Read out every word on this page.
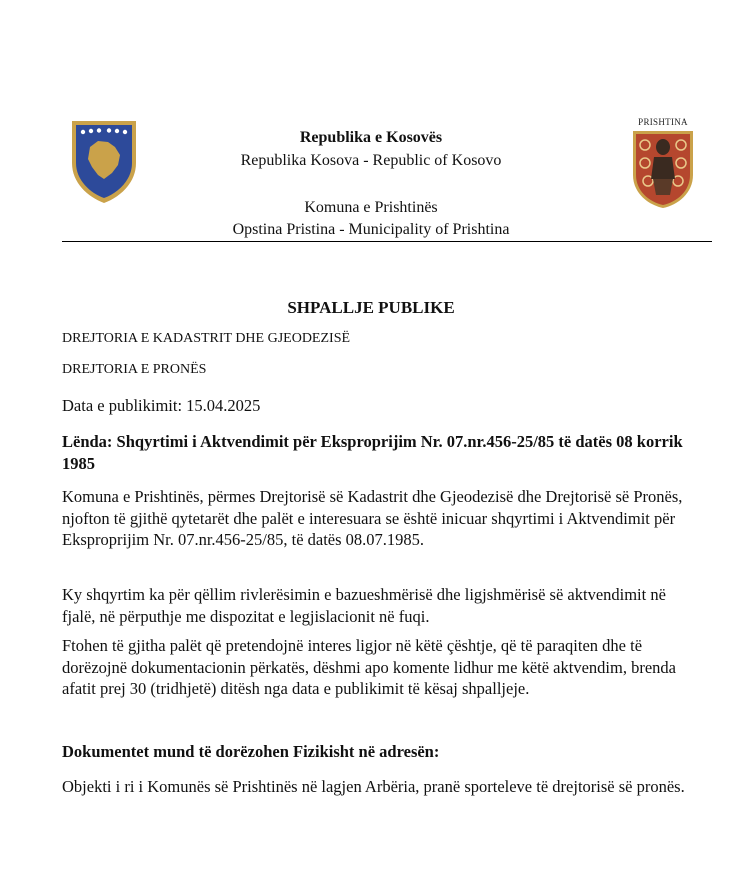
PRISHTINA
Republika e Kosovës
Republika Kosova - Republic of Kosovo
Komuna e Prishtinës
Opstina Pristina - Municipality of Prishtina
SHPALLJE PUBLIKE
DREJTORIA E KADASTRIT DHE GJEODEZISË
DREJTORIA E PRONËS
Data e publikimit: 15.04.2025
Lënda: Shqyrtimi i Aktvendimit për Eksproprijim Nr. 07.nr.456-25/85 të datës 08 korrik 1985
Komuna e Prishtinës, përmes Drejtorisë së Kadastrit dhe Gjeodezisë dhe Drejtorisë së Pronës, njofton të gjithë qytetarët dhe palët e interesuara se është inicuar shqyrtimi i Aktvendimit për Eksproprijim Nr. 07.nr.456-25/85, të datës 08.07.1985.
Ky shqyrtim ka për qëllim rivlerësimin e bazueshmërisë dhe ligjshmërisë së aktvendimit në fjalë, në përputhje me dispozitat e legjislacionit në fuqi.
Ftohen të gjitha palët që pretendojnë interes ligjor në këtë çështje, që të paraqiten dhe të dorëzojnë dokumentacionin përkatës, dëshmi apo komente lidhur me këtë aktvendim, brenda afatit prej 30 (tridhjetë) ditësh nga data e publikimit të kësaj shpalljeje.
Dokumentet mund të dorëzohen Fizikisht në adresën:
Objekti i ri i Komunës së Prishtinës në lagjen Arbëria, pranë sporteleve të drejtorisë së pronës.
